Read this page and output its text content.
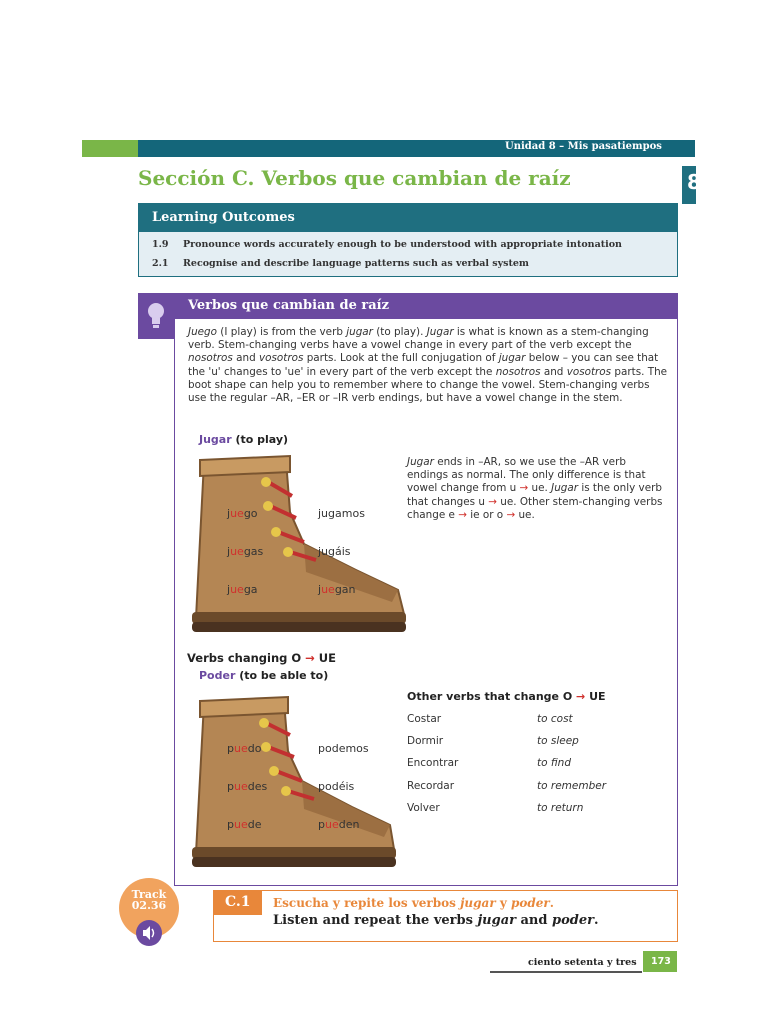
Unidad 8 – Mis pasatiempos
8
Sección C. Verbos que cambian de raíz
Learning Outcomes
1.9 Pronounce words accurately enough to be understood with appropriate intonation
2.1 Recognise and describe language patterns such as verbal system
Verbos que cambian de raíz
Juego (I play) is from the verb jugar (to play). Jugar is what is known as a stem-changing verb. Stem-changing verbs have a vowel change in every part of the verb except the nosotros and vosotros parts. Look at the full conjugation of jugar below – you can see that the 'u' changes to 'ue' in every part of the verb except the nosotros and vosotros parts. The boot shape can help you to remember where to change the vowel. Stem-changing verbs use the regular –AR, –ER or –IR verb endings, but have a vowel change in the stem.
Jugar (to play)
juego	jugamos
juegas	jugáis
juega	juegan
Jugar ends in –AR, so we use the –AR verb endings as normal. The only difference is that vowel change from u → ue. Jugar is the only verb that changes u → ue. Other stem-changing verbs change e → ie or o → ue.
Verbs changing O → UE
Poder (to be able to)
puedo	podemos
puedes	podéis
puede	pueden
Other verbs that change O → UE
Costar	to cost
Dormir	to sleep
Encontrar	to find
Recordar	to remember
Volver	to return
C.1 Escucha y repite los verbos jugar y poder.
Listen and repeat the verbs jugar and poder.
Track
02.36
ciento setenta y tres 173
